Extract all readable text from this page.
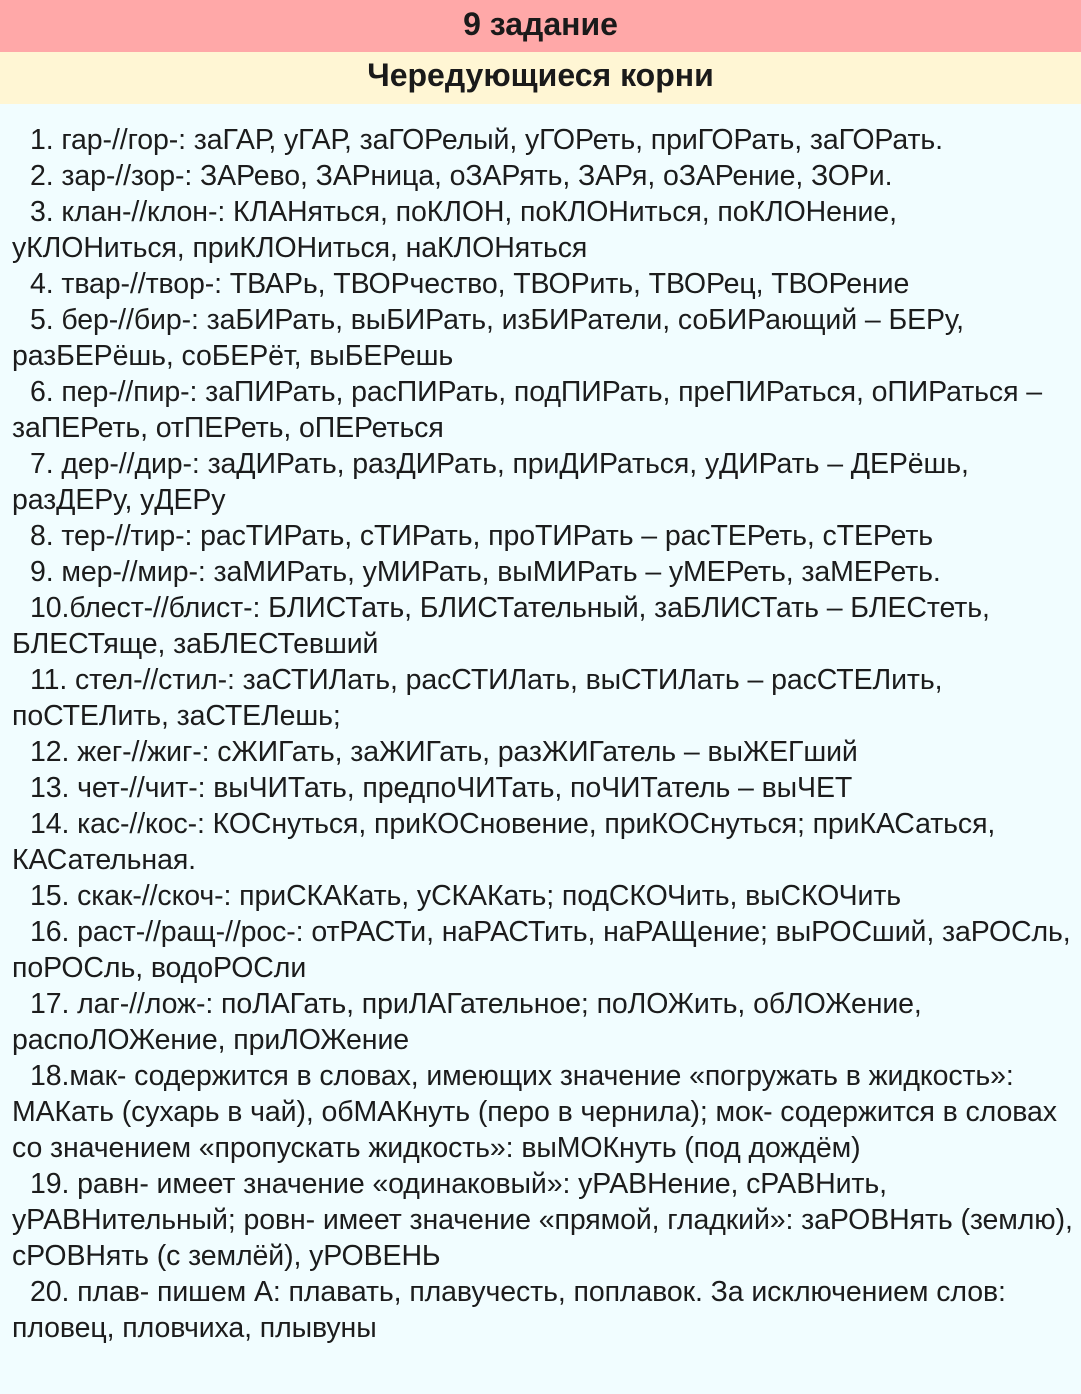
9 задание
Чередующиеся корни
1. гар-//гор-: заГАР, уГАР, заГОРелый, уГОРеть, приГОРать, заГОРать.
2. зар-//зор-: ЗАРево, ЗАРница, оЗАРять, ЗАРя, оЗАРение, ЗОРи.
3. клан-//клон-: КЛАНяться, поКЛОН, поКЛОНиться, поКЛОНение, уКЛОНиться, приКЛОНиться, наКЛОНяться
4. твар-//твор-: ТВАРь, ТВОРчество, ТВОРить, ТВОРец, ТВОРение
5. бер-//бир-: заБИРать, выБИРать, изБИРатели, соБИРающий – БЕРу, разБЕРёшь, соБЕРёт, выБЕРешь
6. пер-//пир-: заПИРать, расПИРать, подПИРать, преПИРаться, оПИРаться – заПЕРеть, отПЕРеть, оПЕРеться
7. дер-//дир-: заДИРать, разДИРать, приДИРаться, уДИРать – ДЕРёшь, разДЕРу, уДЕРу
8. тер-//тир-: расТИРать, сТИРать, проТИРать – расТЕРеть, сТЕРеть
9. мер-//мир-: заМИРать, уМИРать, выМИРать – уМЕРеть, заМЕРеть.
10.блест-//блист-: БЛИСТать, БЛИСТательный, заБЛИСТать – БЛЕСтеть, БЛЕСТяще, заБЛЕСТевший
11. стел-//стил-: заСТИЛать, расСТИЛать, выСТИЛать – расСТЕЛить, поСТЕЛить, заСТЕЛешь;
12. жег-//жиг-: сЖИГать, заЖИГать, разЖИГатель – выЖЕГший
13. чет-//чит-: выЧИТать, предпоЧИТать, поЧИТатель – выЧЕТ
14. кас-//кос-: КОСнуться, приКОСновение, приКОСнуться; приКАСаться, КАСательная.
15. скак-//скоч-: приСКАКать, уСКАКать; подСКОЧить, выСКОЧить
16. раст-//ращ-//рос-: отРАСТи, наРАСТить, наРАЩение; выРОСший, заРОСль, поРОСль, водоРОСли
17. лаг-//лож-: поЛАГать, приЛАГательное; поЛОЖить, обЛОЖение, распоЛОЖение, приЛОЖение
18.мак- содержится в словах, имеющих значение «погружать в жидкость»: МАКать (сухарь в чай), обМАКнуть (перо в чернила); мок- содержится в словах со значением «пропускать жидкость»: выМОКнуть (под дождём)
19. равн- имеет значение «одинаковый»: уРАВНение, сРАВНить, уРАВНительный; ровн- имеет значение «прямой, гладкий»: заРОВНять (землю), сРОВНять (с землёй), уРОВЕНЬ
20. плав- пишем А: плавать, плавучесть, поплавок. За исключением слов: пловец, пловчиха, плывуны
